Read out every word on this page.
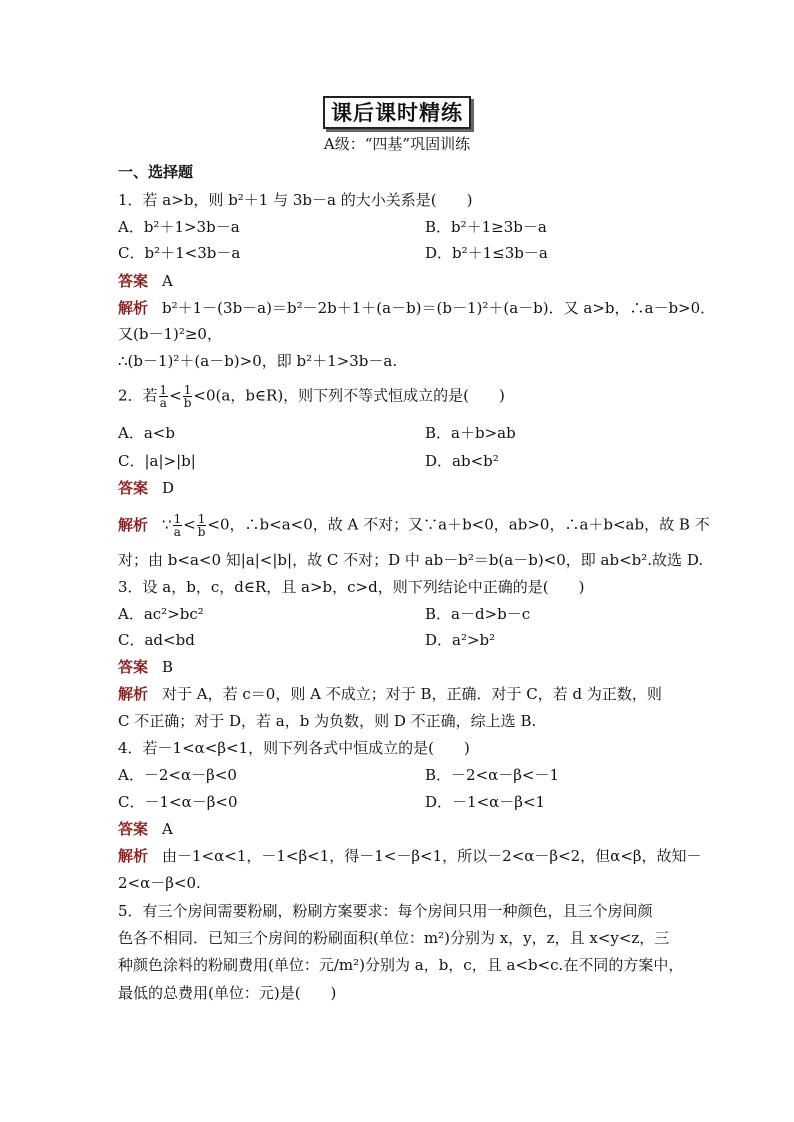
课后课时精练
A级：“四基”巩固训练
一、选择题
1．若 a>b，则 b²＋1 与 3b－a 的大小关系是(　　)
A．b²＋1>3b－a	B．b²＋1≥3b－a
C．b²＋1<3b－a	D．b²＋1≤3b－a
答案 A
解析 b²＋1－(3b－a)＝b²－2b＋1＋(a－b)＝(b－1)²＋(a－b)．又 a>b，∴a－b>0．
又(b－1)²≥0，
∴(b－1)²＋(a－b)>0，即 b²＋1>3b－a.
2．若 $\frac{1}{a} < \frac{1}{b} <0(a$，b∈R)，则下列不等式恒成立的是(　　)
A．a<b	B．a＋b>ab
C．|a|>|b|	D．ab<b²
答案 D
解析 ∵ $\frac{1}{a} < \frac{1}{b} <0$，∴b<a<0，故 A 不对；又∵a＋b<0，ab>0，∴a＋b<ab，故 B 不
对；由 b<a<0 知|a|<|b|，故 C 不对；D 中 ab－b²＝b(a－b)<0，即 ab<b².故选 D.
3．设 a，b，c，d∈R，且 a>b，c>d，则下列结论中正确的是(　　)
A．ac²>bc²	B．a－d>b－c
C．ad<bd	D．a²>b²
答案 B
解析 对于 A，若 c＝0，则 A 不成立；对于 B，正确．对于 C，若 d 为正数，则
C 不正确；对于 D，若 a，b 为负数，则 D 不正确，综上选 B.
4．若－1<α<β<1，则下列各式中恒成立的是(　　)
A．－2<α－β<0	B．－2<α－β<－1
C．－1<α－β<0	D．－1<α－β<1
答案 A
解析 由－1<α<1，－1<β<1，得－1<－β<1，所以－2<α－β<2，但α<β，故知－
2<α－β<0.
5．有三个房间需要粉刷，粉刷方案要求：每个房间只用一种颜色，且三个房间颜
色各不相同．已知三个房间的粉刷面积(单位：m²)分别为 x，y，z，且 x<y<z，三
种颜色涂料的粉刷费用(单位：元/m²)分别为 a，b，c，且 a<b<c.在不同的方案中，
最低的总费用(单位：元)是(　　)
